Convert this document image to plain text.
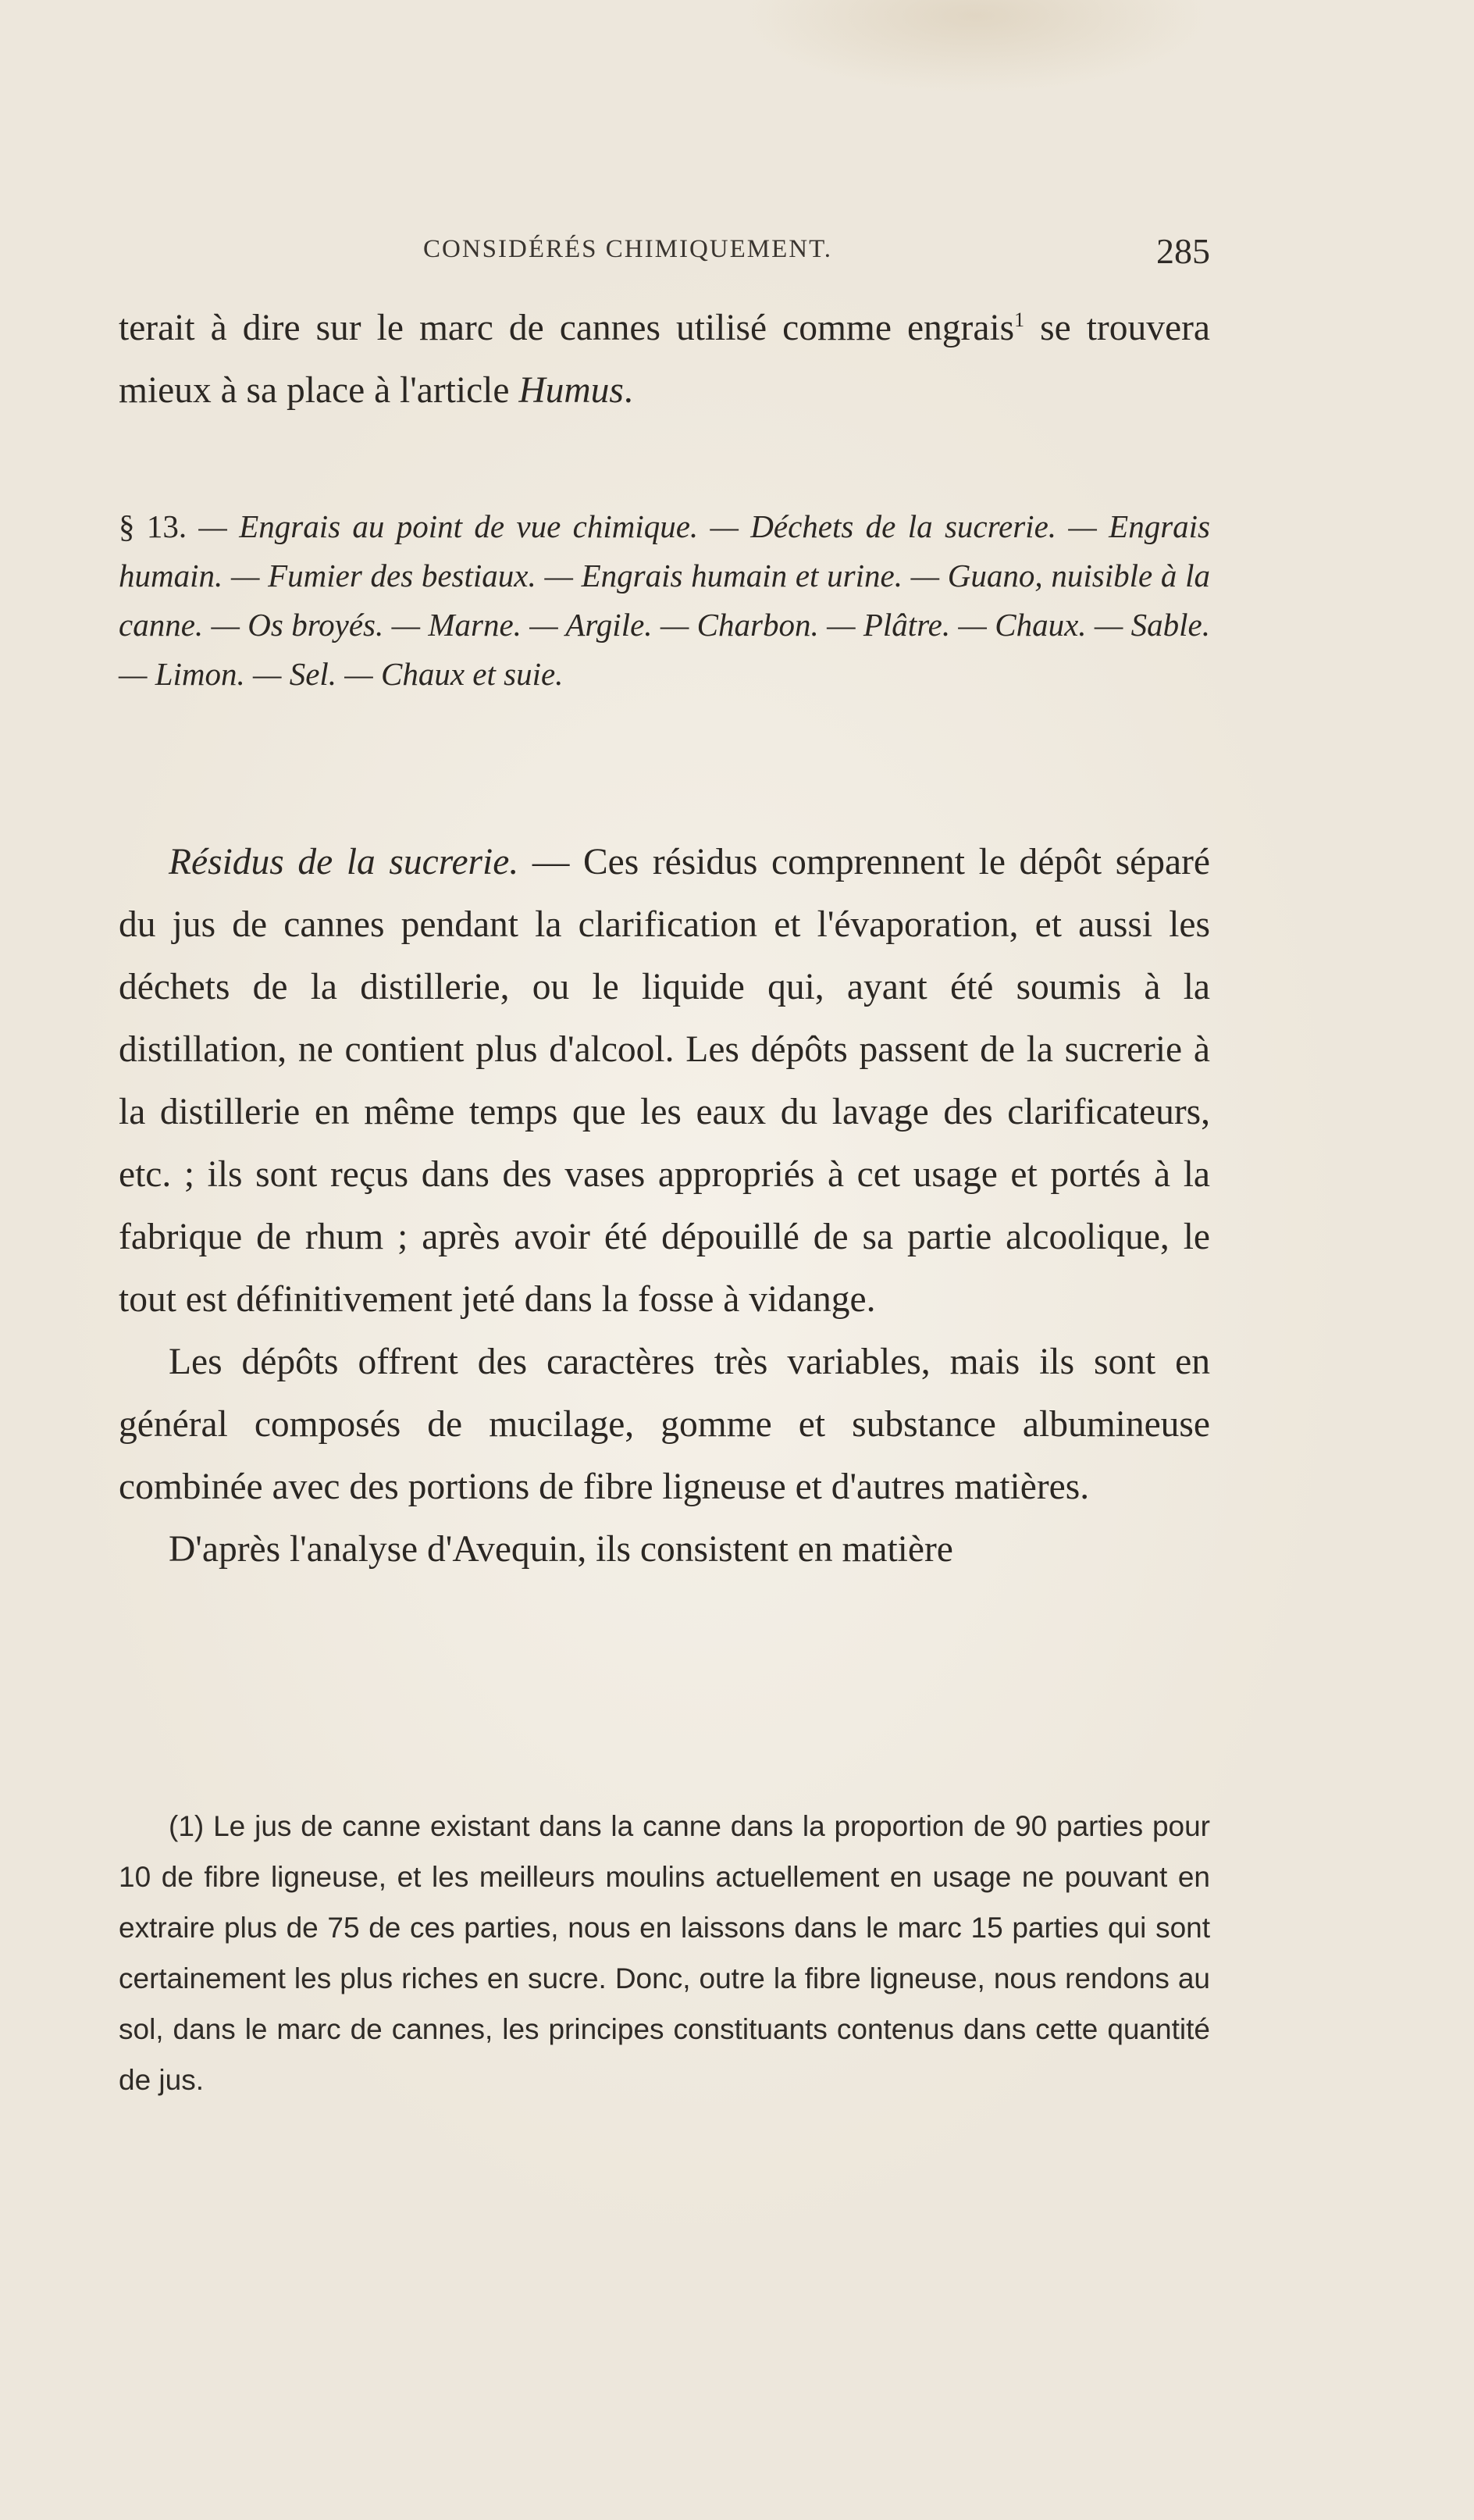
CONSIDÉRÉS CHIMIQUEMENT.	285

terait à dire sur le marc de cannes utilisé comme engrais$^1$ se trouvera mieux à sa place à l'article Humus.

§ 13. — Engrais au point de vue chimique. — Déchets de la sucrerie. — Engrais humain. — Fumier des bestiaux. — Engrais humain et urine. — Guano, nuisible à la canne. — Os broyés. — Marne. — Argile. — Charbon. — Plâtre. — Chaux. — Sable. — Limon. — Sel. — Chaux et suie.

Résidus de la sucrerie. — Ces résidus comprennent le dépôt séparé du jus de cannes pendant la clarification et l'évaporation, et aussi les déchets de la distillerie, ou le liquide qui, ayant été soumis à la distillation, ne contient plus d'alcool. Les dépôts passent de la sucrerie à la distillerie en même temps que les eaux du lavage des clarificateurs, etc. ; ils sont reçus dans des vases appropriés à cet usage et portés à la fabrique de rhum ; après avoir été dépouillé de sa partie alcoolique, le tout est définitivement jeté dans la fosse à vidange.

Les dépôts offrent des caractères très variables, mais ils sont en général composés de mucilage, gomme et substance albumineuse combinée avec des portions de fibre ligneuse et d'autres matières.

D'après l'analyse d'Avequin, ils consistent en matière

(1) Le jus de canne existant dans la canne dans la proportion de 90 parties pour 10 de fibre ligneuse, et les meilleurs moulins actuellement en usage ne pouvant en extraire plus de 75 de ces parties, nous en laissons dans le marc 15 parties qui sont certainement les plus riches en sucre. Donc, outre la fibre ligneuse, nous rendons au sol, dans le marc de cannes, les principes constituants contenus dans cette quantité de jus.
